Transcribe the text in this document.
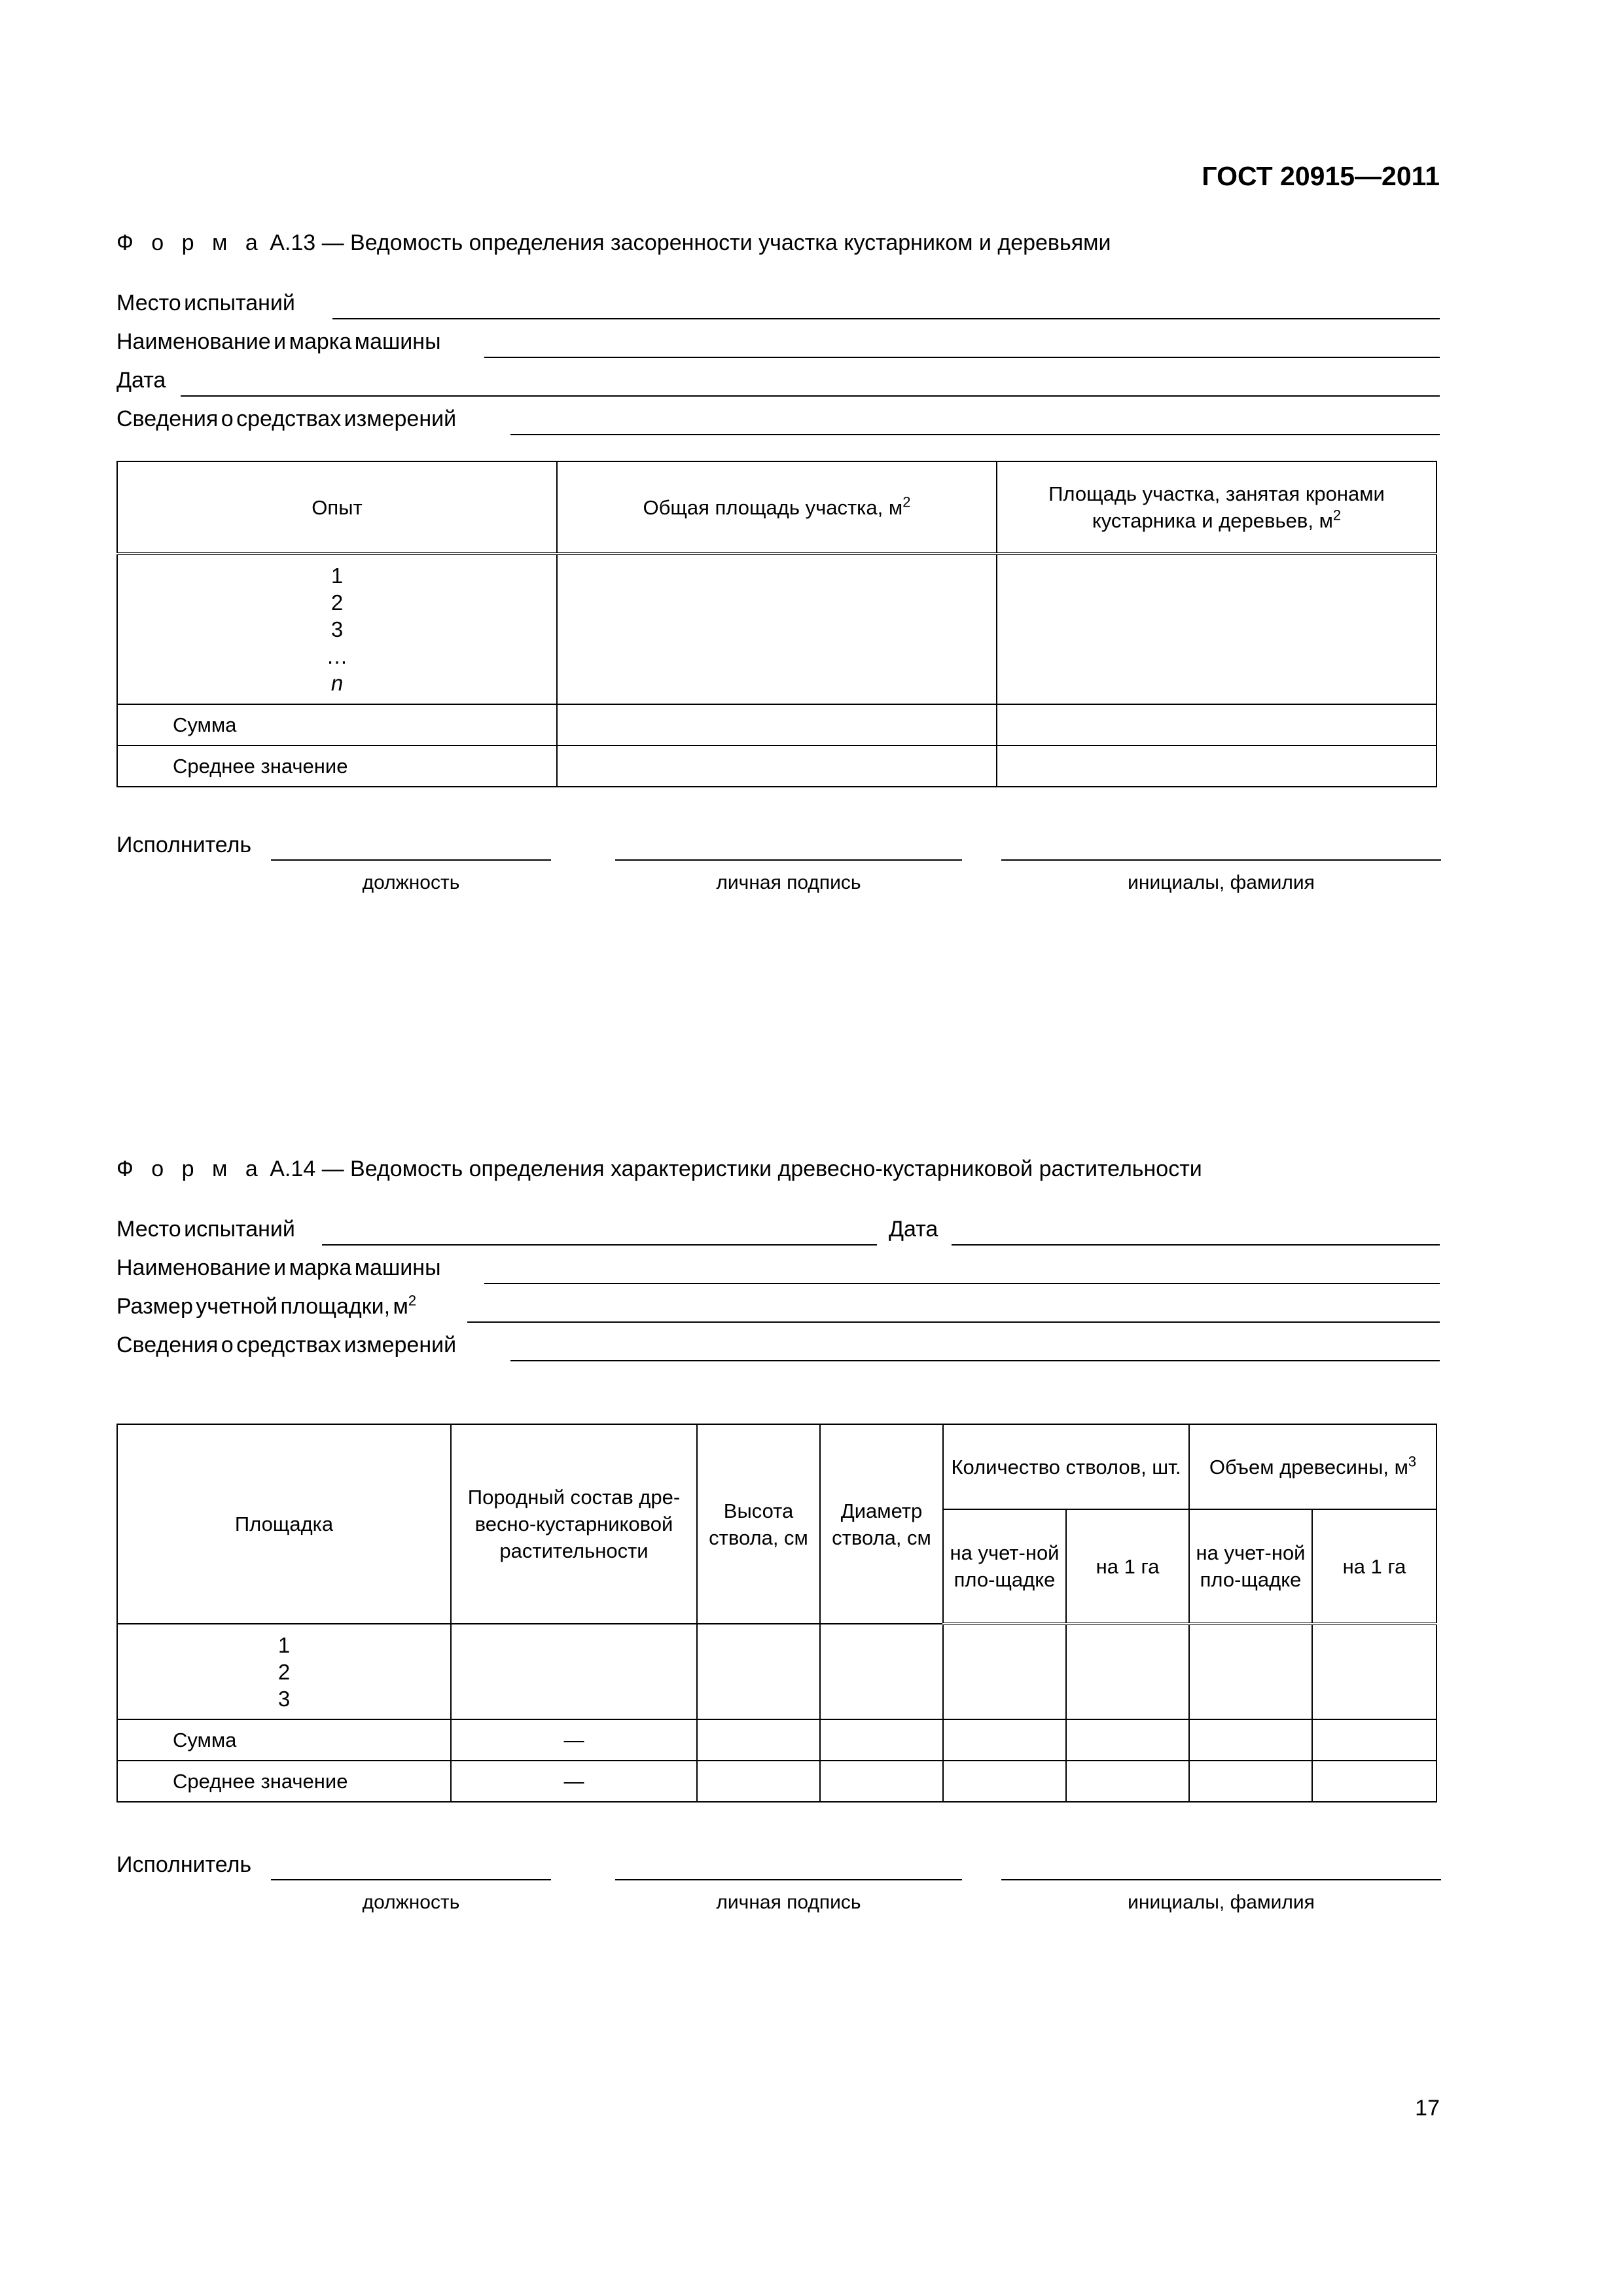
ГОСТ 20915—2011
Ф о р м а А.13 — Ведомость определения засоренности участка кустарником и деревьями
Место испытаний
Наименование и марка машины
Дата
Сведения о средствах измерений
Опыт	Общая площадь участка, $м^2$	Площадь участка, занятая кронами кустарника и деревьев, $м^2$

1
2
3
…
n		

Сумма		
Среднее значение		
Исполнитель
должность	личная подпись	инициалы, фамилия
Ф о р м а А.14 — Ведомость определения характеристики древесно-кустарниковой растительности
Место испытаний	Дата
Наименование и марка машины
Размер учетной площадки, $м^2$
Сведения о средствах измерений
Площадка	Породный состав дре-весно-кустарниковой растительности	Высота ствола, см	Диаметр ствола, см	Количество стволов, шт.		Объем древесины, $м^3$
				на учет-ной пло-щадке	на 1 га	на учет-ной пло-щадке	на 1 га

1
2
3							

Сумма	—						
Среднее значение	—						
Исполнитель
должность	личная подпись	инициалы, фамилия
17
